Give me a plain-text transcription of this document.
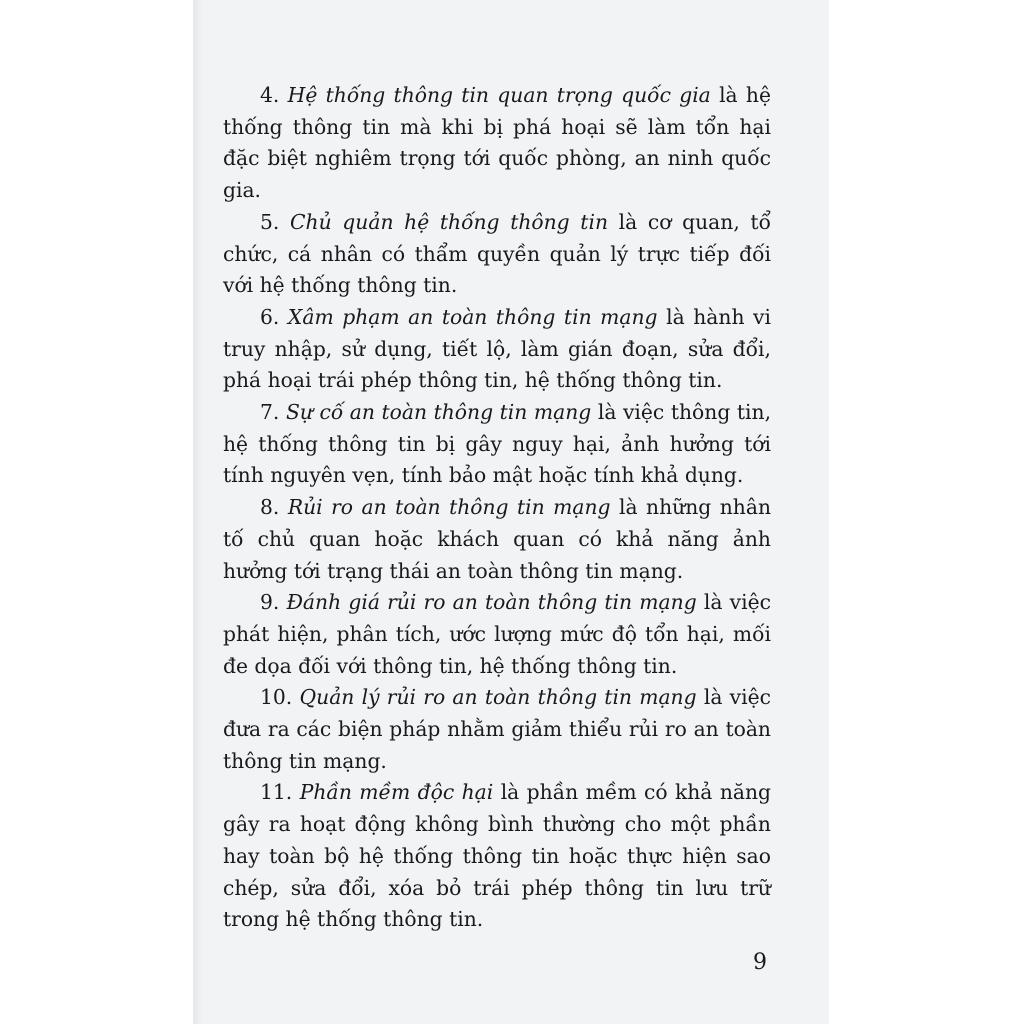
4. Hệ thống thông tin quan trọng quốc gia là hệ thống thông tin mà khi bị phá hoại sẽ làm tổn hại đặc biệt nghiêm trọng tới quốc phòng, an ninh quốc gia.

5. Chủ quản hệ thống thông tin là cơ quan, tổ chức, cá nhân có thẩm quyền quản lý trực tiếp đối với hệ thống thông tin.

6. Xâm phạm an toàn thông tin mạng là hành vi truy nhập, sử dụng, tiết lộ, làm gián đoạn, sửa đổi, phá hoại trái phép thông tin, hệ thống thông tin.

7. Sự cố an toàn thông tin mạng là việc thông tin, hệ thống thông tin bị gây nguy hại, ảnh hưởng tới tính nguyên vẹn, tính bảo mật hoặc tính khả dụng.

8. Rủi ro an toàn thông tin mạng là những nhân tố chủ quan hoặc khách quan có khả năng ảnh hưởng tới trạng thái an toàn thông tin mạng.

9. Đánh giá rủi ro an toàn thông tin mạng là việc phát hiện, phân tích, ước lượng mức độ tổn hại, mối đe dọa đối với thông tin, hệ thống thông tin.

10. Quản lý rủi ro an toàn thông tin mạng là việc đưa ra các biện pháp nhằm giảm thiểu rủi ro an toàn thông tin mạng.

11. Phần mềm độc hại là phần mềm có khả năng gây ra hoạt động không bình thường cho một phần hay toàn bộ hệ thống thông tin hoặc thực hiện sao chép, sửa đổi, xóa bỏ trái phép thông tin lưu trữ trong hệ thống thông tin.

9
